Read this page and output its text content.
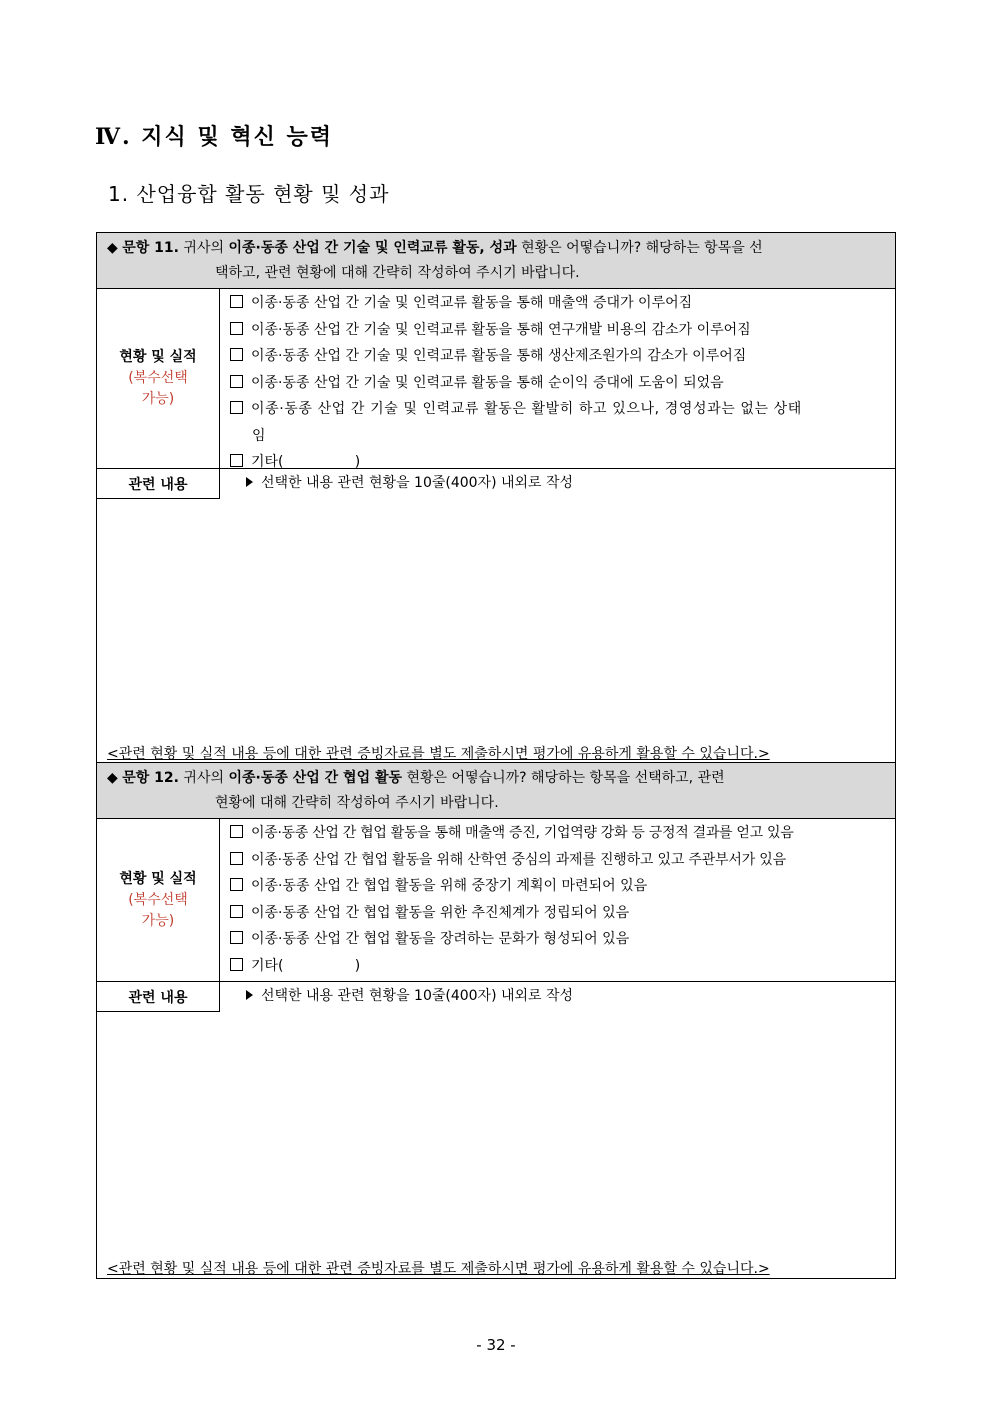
Ⅳ. 지식 및 혁신 능력
1. 산업융합 활동 현황 및 성과
◆ 문항 11. 귀사의 이종·동종 산업 간 기술 및 인력교류 활동, 성과 현황은 어떻습니까? 해당하는 항목을 선
택하고, 관련 현황에 대해 간략히 작성하여 주시기 바랍니다.
현황 및 실적
(복수선택
가능)
이종·동종 산업 간 기술 및 인력교류 활동을 통해 매출액 증대가 이루어짐
이종·동종 산업 간 기술 및 인력교류 활동을 통해 연구개발 비용의 감소가 이루어짐
이종·동종 산업 간 기술 및 인력교류 활동을 통해 생산제조원가의 감소가 이루어짐
이종·동종 산업 간 기술 및 인력교류 활동을 통해 순이익 증대에 도움이 되었음
이종·동종 산업 간 기술 및 인력교류 활동은 활발히 하고 있으나, 경영성과는 없는 상태
임
기타(                )
관련 내용	선택한 내용 관련 현황을 10줄(400자) 내외로 작성
<관련 현황 및 실적 내용 등에 대한 관련 증빙자료를 별도 제출하시면 평가에 유용하게 활용할 수 있습니다.>
◆ 문항 12. 귀사의 이종·동종 산업 간 협업 활동 현황은 어떻습니까? 해당하는 항목을 선택하고, 관련
현황에 대해 간략히 작성하여 주시기 바랍니다.
현황 및 실적
(복수선택
가능)
이종·동종 산업 간 협업 활동을 통해 매출액 증진, 기업역량 강화 등 긍정적 결과를 얻고 있음
이종·동종 산업 간 협업 활동을 위해 산학연 중심의 과제를 진행하고 있고 주관부서가 있음
이종·동종 산업 간 협업 활동을 위해 중장기 계획이 마련되어 있음
이종·동종 산업 간 협업 활동을 위한 추진체계가 정립되어 있음
이종·동종 산업 간 협업 활동을 장려하는 문화가 형성되어 있음
기타(                )
관련 내용	선택한 내용 관련 현황을 10줄(400자) 내외로 작성
<관련 현황 및 실적 내용 등에 대한 관련 증빙자료를 별도 제출하시면 평가에 유용하게 활용할 수 있습니다.>
- 32 -
